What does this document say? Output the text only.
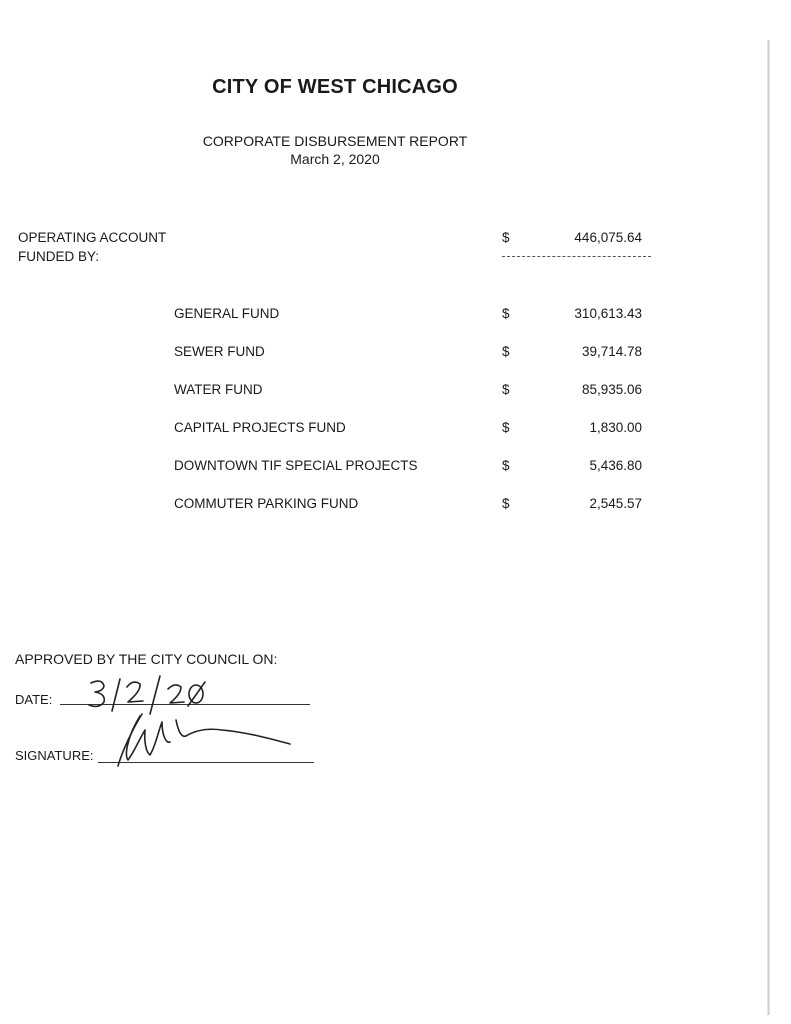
CITY OF WEST CHICAGO
CORPORATE DISBURSEMENT REPORT
March 2, 2020
OPERATING ACCOUNT
FUNDED BY:
$	446,075.64
GENERAL FUND	$	310,613.43
SEWER FUND	$	39,714.78
WATER FUND	$	85,935.06
CAPITAL PROJECTS FUND	$	1,830.00
DOWNTOWN TIF SPECIAL PROJECTS	$	5,436.80
COMMUTER PARKING FUND	$	2,545.57
APPROVED BY THE CITY COUNCIL ON:
DATE:
SIGNATURE:
